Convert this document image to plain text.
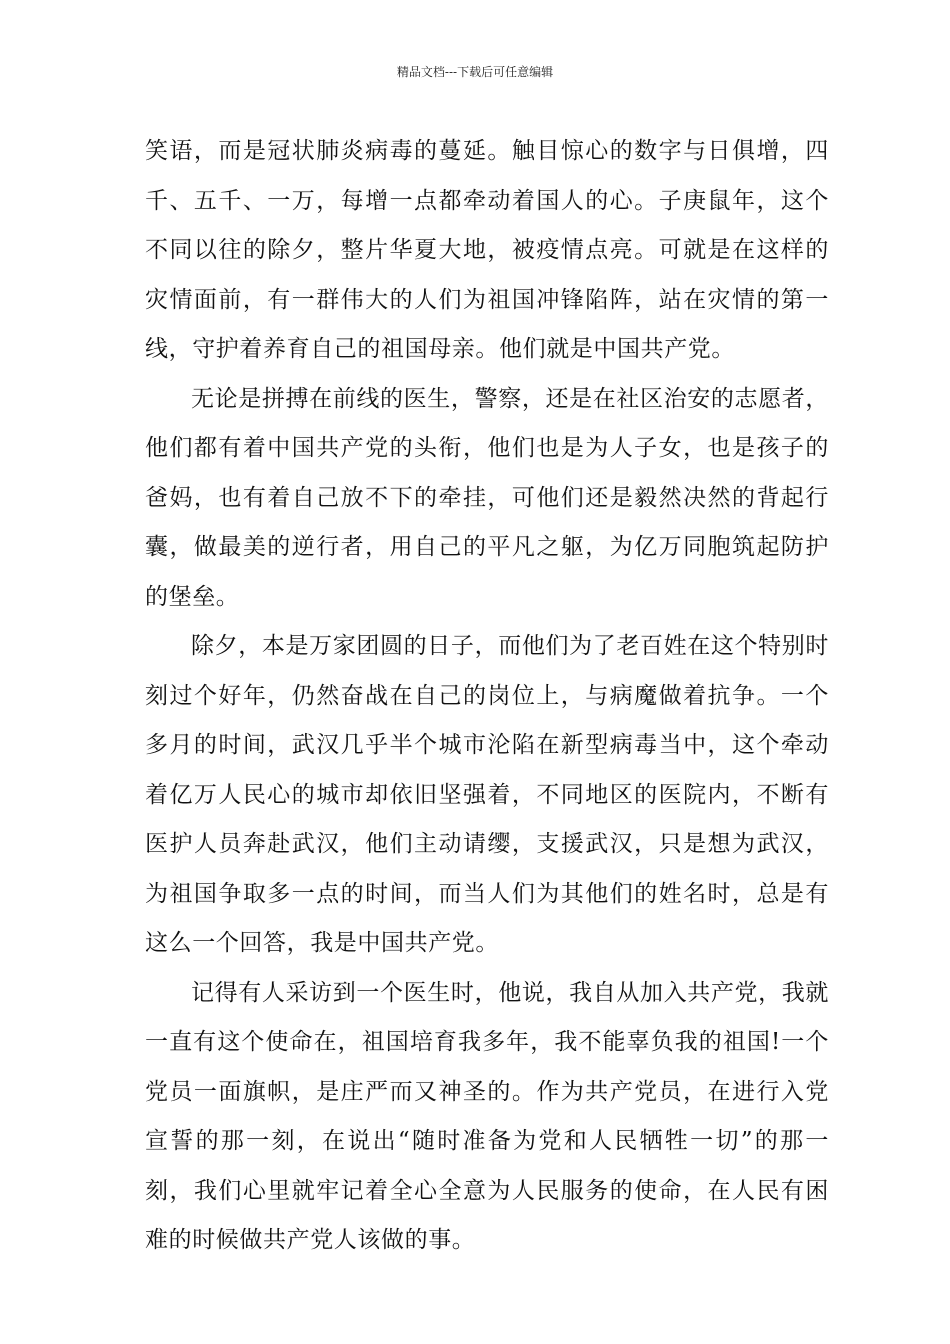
精品文档---下载后可任意编辑

笑语，而是冠状肺炎病毒的蔓延。触目惊心的数字与日俱增，四千、五千、一万，每增一点都牵动着国人的心。子庚鼠年，这个不同以往的除夕，整片华夏大地，被疫情点亮。可就是在这样的灾情面前，有一群伟大的人们为祖国冲锋陷阵，站在灾情的第一线，守护着养育自己的祖国母亲。他们就是中国共产党。

无论是拼搏在前线的医生，警察，还是在社区治安的志愿者，他们都有着中国共产党的头衔，他们也是为人子女，也是孩子的爸妈，也有着自己放不下的牵挂，可他们还是毅然决然的背起行囊，做最美的逆行者，用自己的平凡之躯，为亿万同胞筑起防护的堡垒。

除夕，本是万家团圆的日子，而他们为了老百姓在这个特别时刻过个好年，仍然奋战在自己的岗位上，与病魔做着抗争。一个多月的时间，武汉几乎半个城市沦陷在新型病毒当中，这个牵动着亿万人民心的城市却依旧坚强着，不同地区的医院内，不断有医护人员奔赴武汉，他们主动请缨，支援武汉，只是想为武汉，为祖国争取多一点的时间，而当人们为其他们的姓名时，总是有这么一个回答，我是中国共产党。

记得有人采访到一个医生时，他说，我自从加入共产党，我就一直有这个使命在，祖国培育我多年，我不能辜负我的祖国!一个党员一面旗帜，是庄严而又神圣的。作为共产党员，在进行入党宣誓的那一刻，在说出“随时准备为党和人民牺牲一切”的那一刻，我们心里就牢记着全心全意为人民服务的使命，在人民有困难的时候做共产党人该做的事。
